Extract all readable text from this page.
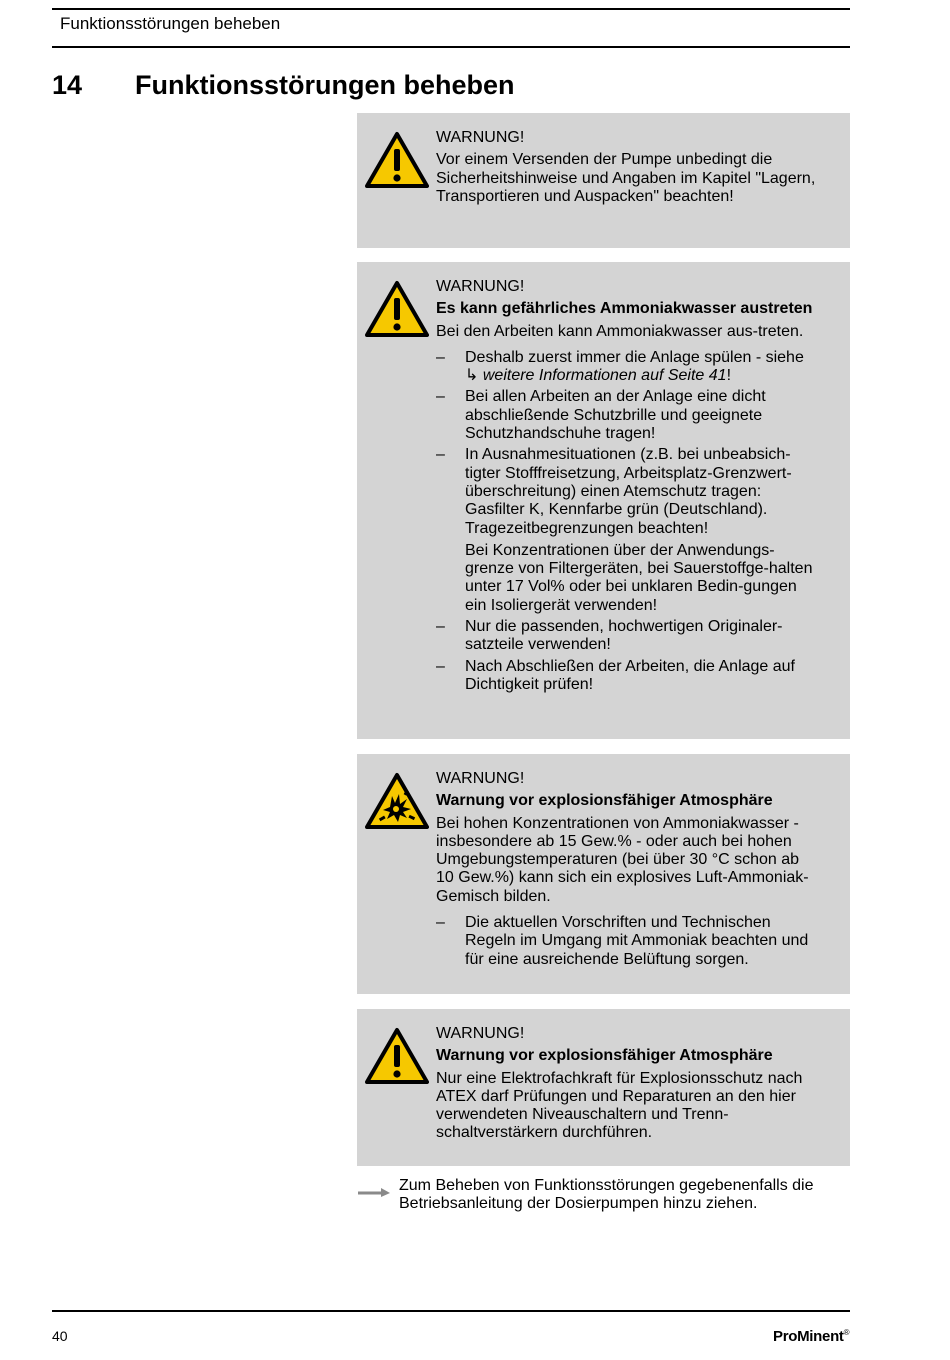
Funktionsstörungen beheben
14 Funktionsstörungen beheben
WARNUNG!
Vor einem Versenden der Pumpe unbedingt die Sicherheitshinweise und Angaben im Kapitel "Lagern, Transportieren und Auspacken" beachten!
WARNUNG!
Es kann gefährliches Ammoniakwasser austreten
Bei den Arbeiten kann Ammoniakwasser aus-treten.
– Deshalb zuerst immer die Anlage spülen - siehe ↳ weitere Informationen auf Seite 41!
– Bei allen Arbeiten an der Anlage eine dicht abschließende Schutzbrille und geeignete Schutzhandschuhe tragen!
– In Ausnahmesituationen (z.B. bei unbeabsich-tigter Stofffreisetzung, Arbeitsplatz-Grenzwert-überschreitung) einen Atemschutz tragen: Gasfilter K, Kennfarbe grün (Deutschland). Tragezeitbegrenzungen beachten!
Bei Konzentrationen über der Anwendungs-grenze von Filtergeräten, bei Sauerstoffge-halten unter 17 Vol% oder bei unklaren Bedin-gungen ein Isoliergerät verwenden!
– Nur die passenden, hochwertigen Originaler-satzteile verwenden!
– Nach Abschließen der Arbeiten, die Anlage auf Dichtigkeit prüfen!
WARNUNG!
Warnung vor explosionsfähiger Atmosphäre
Bei hohen Konzentrationen von Ammoniakwasser - insbesondere ab 15 Gew.% - oder auch bei hohen Umgebungstemperaturen (bei über 30 °C schon ab 10 Gew.%) kann sich ein explosives Luft-Ammoniak-Gemisch bilden.
– Die aktuellen Vorschriften und Technischen Regeln im Umgang mit Ammoniak beachten und für eine ausreichende Belüftung sorgen.
WARNUNG!
Warnung vor explosionsfähiger Atmosphäre
Nur eine Elektrofachkraft für Explosionsschutz nach ATEX darf Prüfungen und Reparaturen an den hier verwendeten Niveauschaltern und Trenn-schaltverstärkern durchführen.
Zum Beheben von Funktionsstörungen gegebenenfalls die Betriebsanleitung der Dosierpumpen hinzu ziehen.
40	ProMinent®
